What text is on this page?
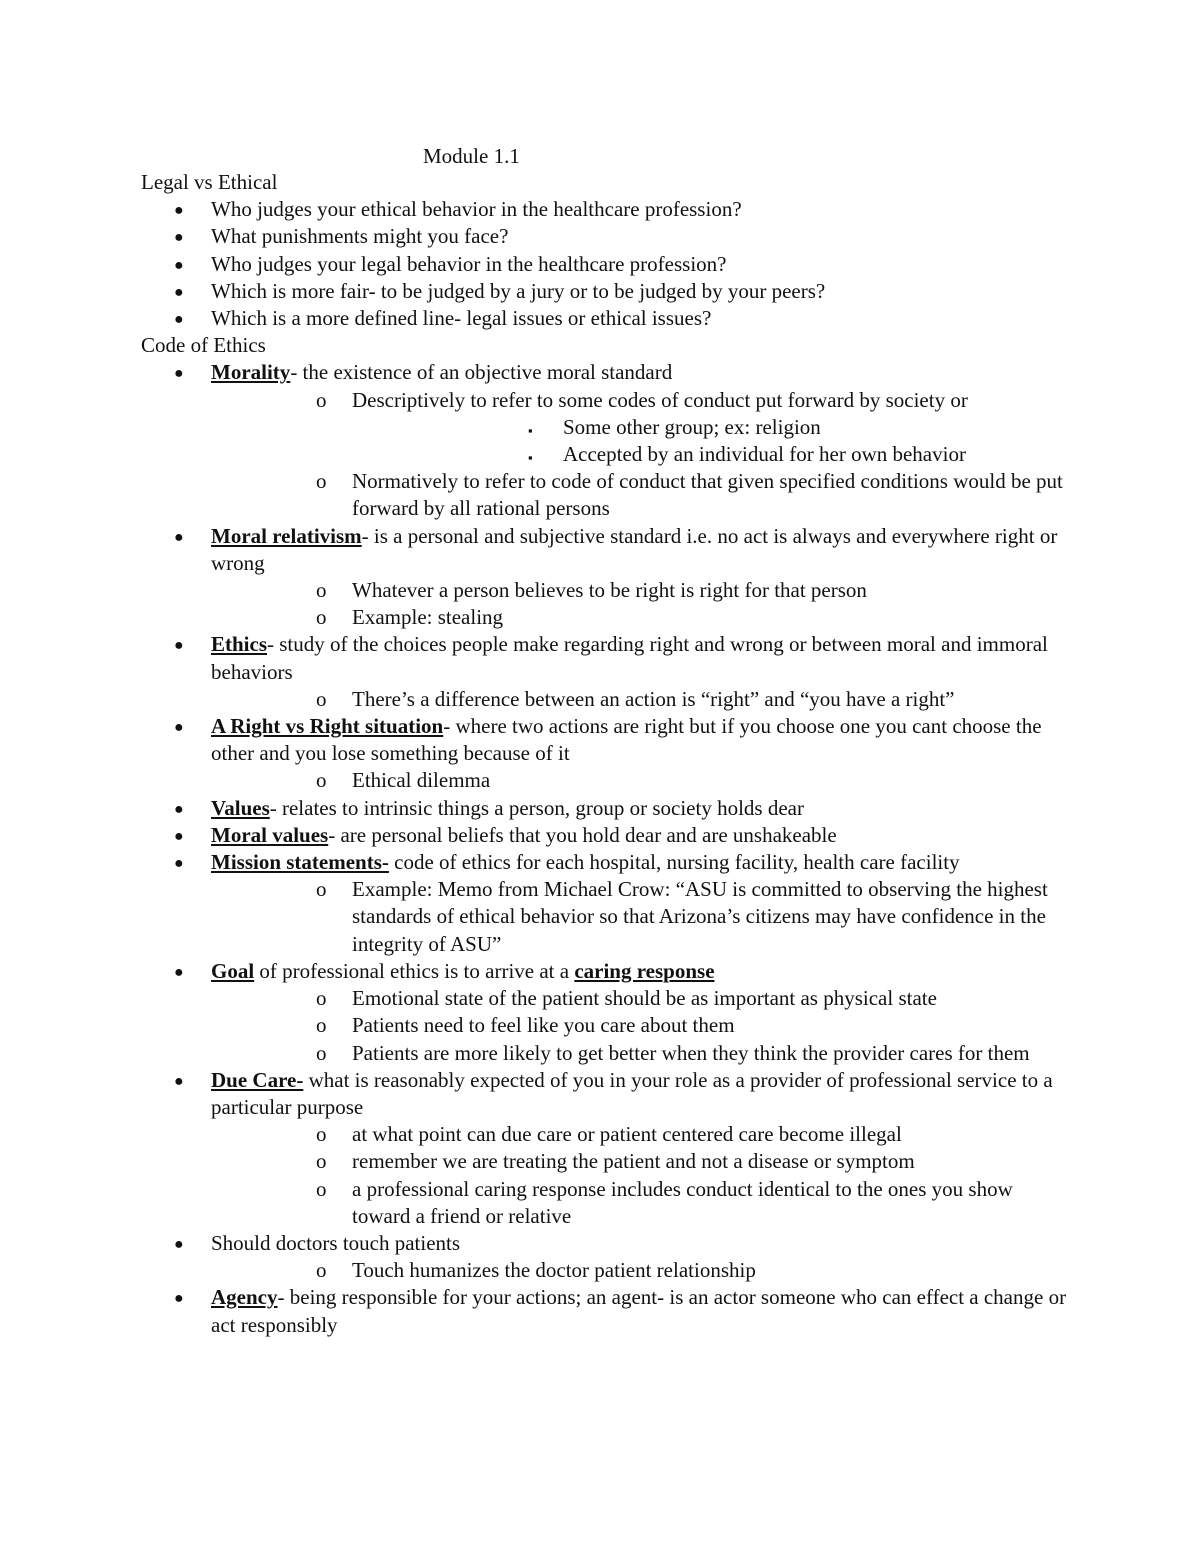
Module 1.1
Legal vs Ethical
● Who judges your ethical behavior in the healthcare profession?
● What punishments might you face?
● Who judges your legal behavior in the healthcare profession?
● Which is more fair- to be judged by a jury or to be judged by your peers?
● Which is a more defined line- legal issues or ethical issues?
Code of Ethics
● Morality- the existence of an objective moral standard
o Descriptively to refer to some codes of conduct put forward by society or
▪ Some other group; ex: religion
▪ Accepted by an individual for her own behavior
o Normatively to refer to code of conduct that given specified conditions would be put forward by all rational persons
● Moral relativism- is a personal and subjective standard i.e. no act is always and everywhere right or wrong
o Whatever a person believes to be right is right for that person
o Example: stealing
● Ethics- study of the choices people make regarding right and wrong or between moral and immoral behaviors
o There’s a difference between an action is “right” and “you have a right”
● A Right vs Right situation- where two actions are right but if you choose one you cant choose the other and you lose something because of it
o Ethical dilemma
● Values- relates to intrinsic things a person, group or society holds dear
● Moral values- are personal beliefs that you hold dear and are unshakeable
● Mission statements- code of ethics for each hospital, nursing facility, health care facility
o Example: Memo from Michael Crow: “ASU is committed to observing the highest standards of ethical behavior so that Arizona’s citizens may have confidence in the integrity of ASU”
● Goal of professional ethics is to arrive at a caring response
o Emotional state of the patient should be as important as physical state
o Patients need to feel like you care about them
o Patients are more likely to get better when they think the provider cares for them
● Due Care- what is reasonably expected of you in your role as a provider of professional service to a particular purpose
o at what point can due care or patient centered care become illegal
o remember we are treating the patient and not a disease or symptom
o a professional caring response includes conduct identical to the ones you show toward a friend or relative
● Should doctors touch patients
o Touch humanizes the doctor patient relationship
● Agency- being responsible for your actions; an agent- is an actor someone who can effect a change or act responsibly
